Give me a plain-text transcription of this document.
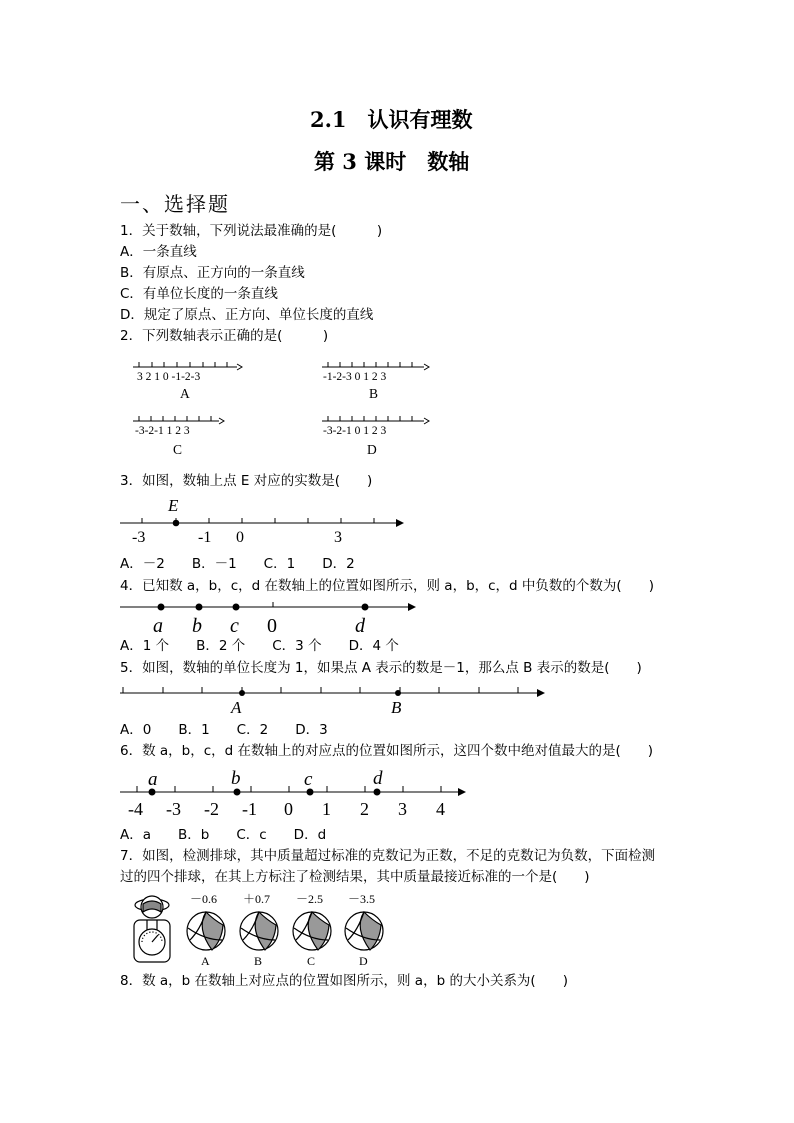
2.1　认识有理数
第 3 课时　数轴
一、选择题
1．关于数轴，下列说法最准确的是(　　　)
A．一条直线
B．有原点、正方向的一条直线
C．有单位长度的一条直线
D．规定了原点、正方向、单位长度的直线
2．下列数轴表示正确的是(　　　)
3 2 1 0 -1-2-3
A
-1-2-3 0 1 2 3
B
-3-2-1 1 2 3
C
-3-2-1 0 1 2 3
D
3．如图，数轴上点 E 对应的实数是(　　)
E
-3	-1 0	3
A．－2　　B．－1　　C．1　　D．2
4．已知数 a，b，c，d 在数轴上的位置如图所示，则 a，b，c，d 中负数的个数为(　　)
a b c 0	d
A．1 个　　B．2 个　　C．3 个　　D．4 个
5．如图，数轴的单位长度为 1，如果点 A 表示的数是－1，那么点 B 表示的数是(　　)
A	B
A．0　　B．1　　C．2　　D．3
6．数 a，b，c，d 在数轴上的对应点的位置如图所示，这四个数中绝对值最大的是(　　)
a	b	c	d
-4 -3 -2 -1 0 1 2 3 4
A．a　　B．b　　C．c　　D．d
7．如图，检测排球，其中质量超过标准的克数记为正数，不足的克数记为负数，下面检测
过的四个排球，在其上方标注了检测结果，其中质量最接近标准的一个是(　　)
－0.6 ＋0.7 －2.5 －3.5
A	B	C	D
8．数 a，b 在数轴上对应点的位置如图所示，则 a，b 的大小关系为(　　)
